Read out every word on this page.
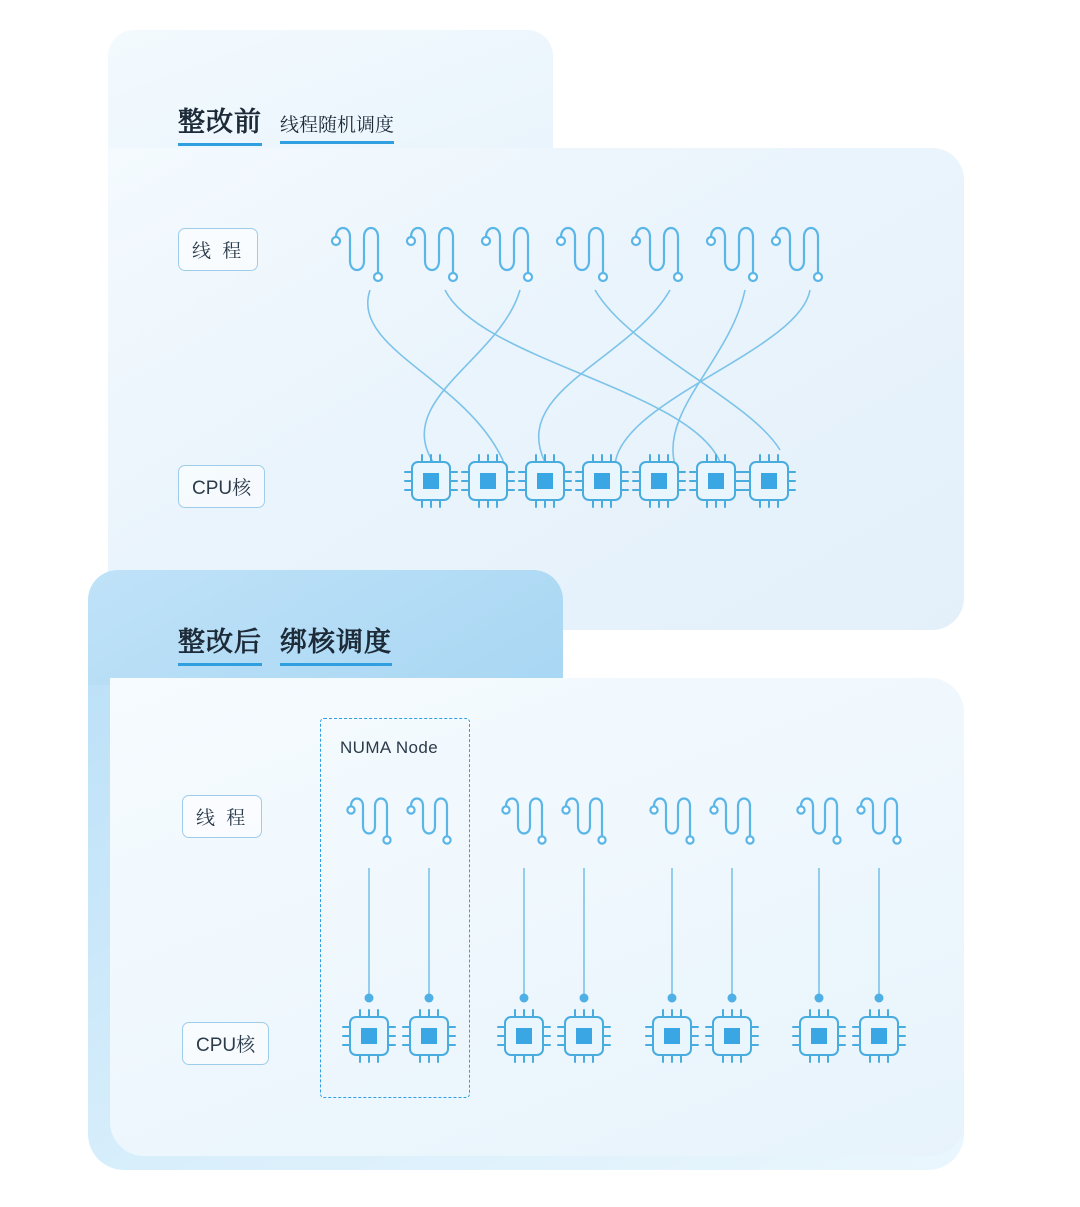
整改前 线程随机调度
线 程
CPU核
整改后 绑核调度
线 程
CPU核
NUMA Node
